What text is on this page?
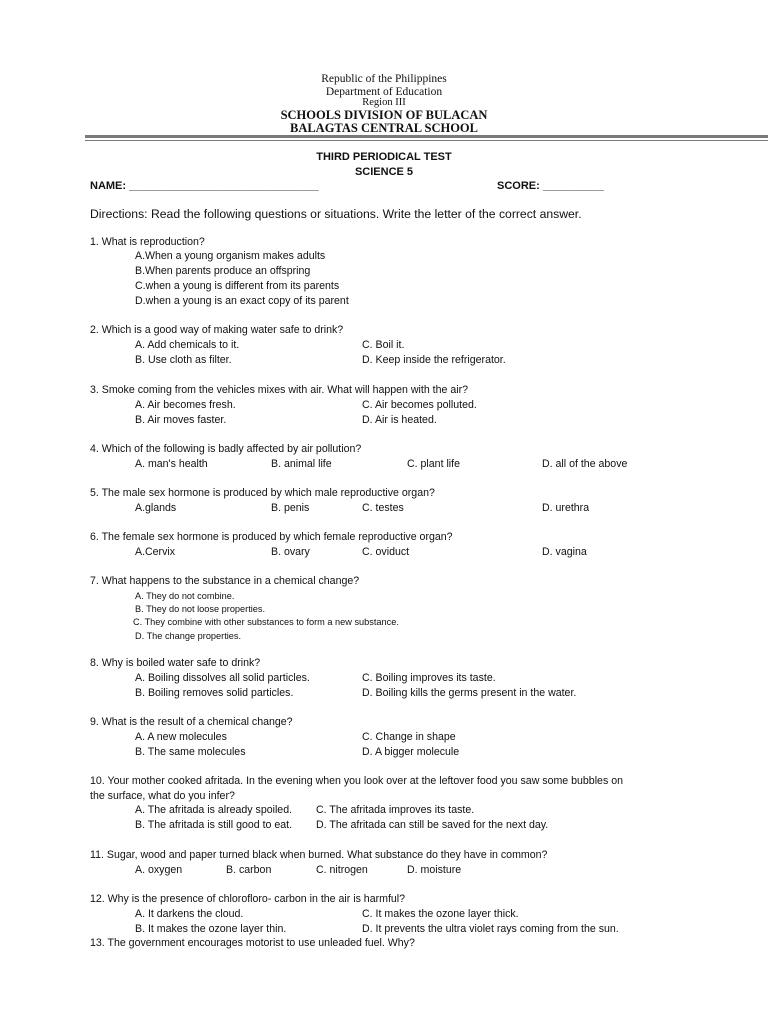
Republic of the Philippines
Department of Education
Region III
SCHOOLS DIVISION OF BULACAN
BALAGTAS CENTRAL SCHOOL
THIRD PERIODICAL TEST
SCIENCE 5
NAME: _______________________________	SCORE: __________
Directions: Read the following questions or situations. Write the letter of the correct answer.
1. What is reproduction?
A.When a young organism makes adults
B.When parents produce an offspring
C.when a young is different from its parents
D.when a young is an exact copy of its parent
2. Which is a good way of making water safe to drink?
A. Add chemicals to it.
B. Use cloth as filter.
C. Boil it.
D. Keep inside the refrigerator.
3. Smoke coming from the vehicles mixes with air. What will happen with the air?
A. Air becomes fresh.
B. Air moves faster.
C. Air becomes polluted.
D. Air is heated.
4. Which of the following is badly affected by air pollution?
A. man's health	B. animal life	C. plant life	D. all of the above
5. The male sex hormone is produced by which male reproductive organ?
A.glands	B. penis	C. testes	D. urethra
6. The female sex hormone is produced by which female reproductive organ?
A.Cervix	B. ovary	C. oviduct	D. vagina
7. What happens to the substance in a chemical change?
A. They do not combine.
B. They do not loose properties.
C. They combine with other substances to form a new substance.
D. The change properties.
8. Why is boiled water safe to drink?
A. Boiling dissolves all solid particles.
B. Boiling removes solid particles.
C. Boiling improves its taste.
D. Boiling kills the germs present in the water.
9. What is the result of a chemical change?
A. A new molecules
B. The same molecules
C. Change in shape
D. A bigger molecule
10. Your mother cooked afritada. In the evening when you look over at the leftover food you saw some bubbles on
the surface, what do you infer?
A. The afritada is already spoiled.
B. The afritada is still good to eat.
C. The afritada improves its taste.
D. The afritada can still be saved for the next day.
11. Sugar, wood and paper turned black when burned. What substance do they have in common?
A. oxygen	B. carbon	C. nitrogen	D. moisture
12. Why is the presence of chlorofloro- carbon in the air is harmful?
A. It darkens the cloud.
B. It makes the ozone layer thin.
C. It makes the ozone layer thick.
D. It prevents the ultra violet rays coming from the sun.
13. The government encourages motorist to use unleaded fuel. Why?
